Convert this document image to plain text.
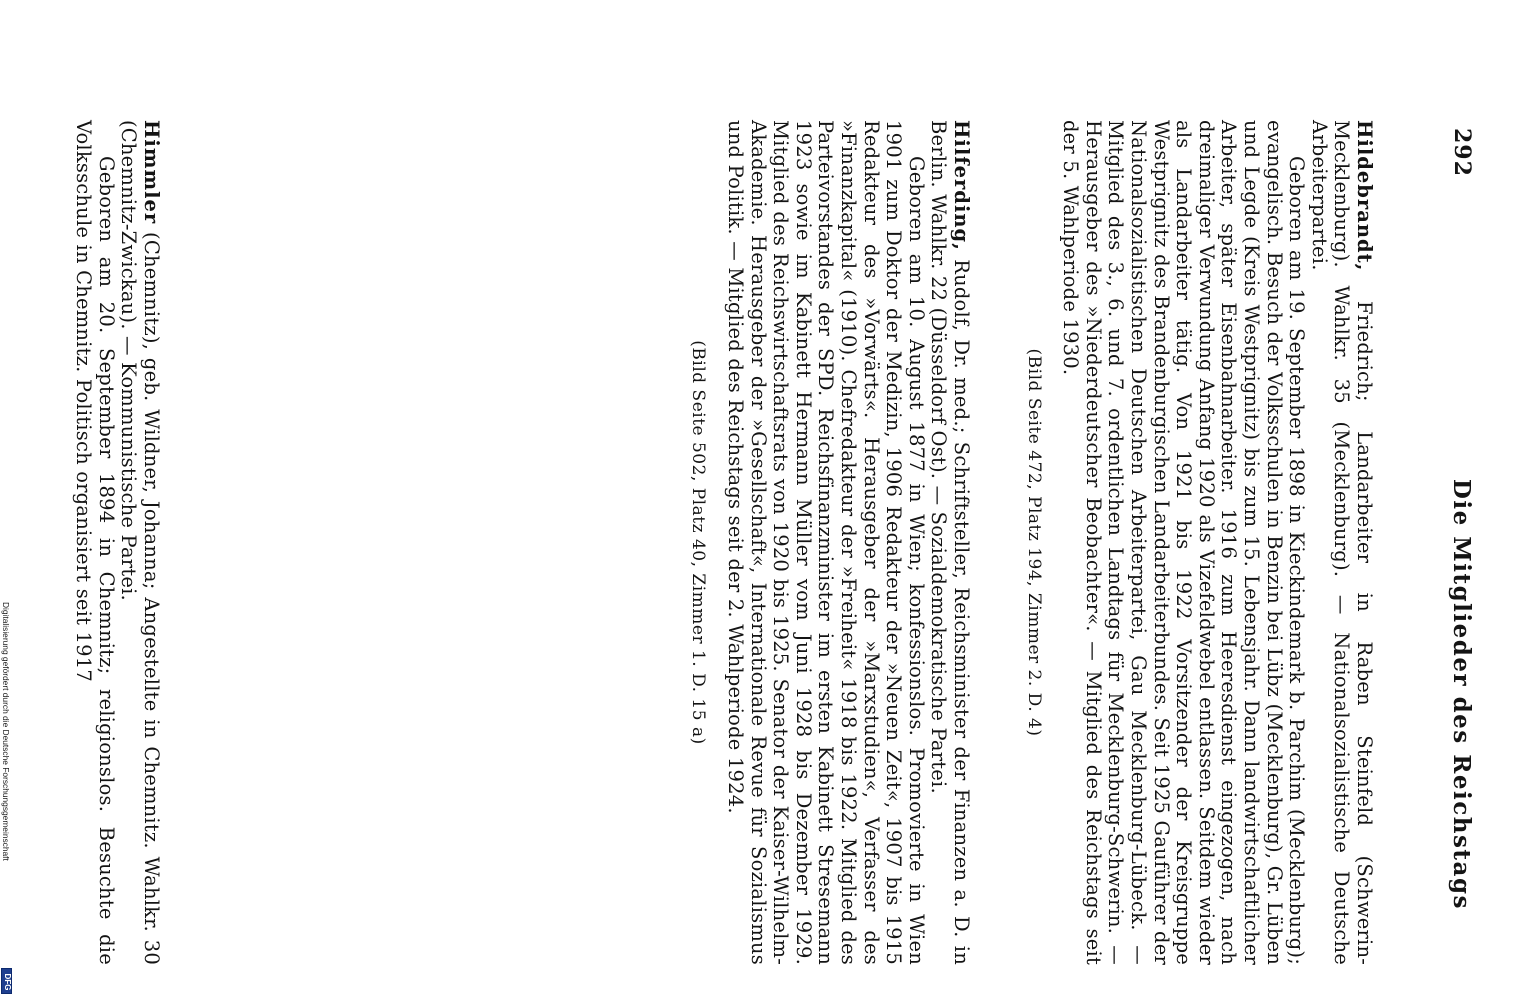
292
Die Mitglieder des Reichstags

Hildebrandt, Friedrich; Landarbeiter in Raben Steinfeld (Schwerin-Mecklenburg). Wahlkr. 35 (Mecklenburg). — Nationalsozialistische Deutsche Arbeiterpartei.

Geboren am 19. September 1898 in Kieckindemark b. Parchim (Mecklenburg); evangelisch. Besuch der Volksschulen in Benzin bei Lübz (Mecklenburg), Gr. Lüben und Legde (Kreis Westprignitz) bis zum 15. Lebensjahr. Dann landwirtschaftlicher Arbeiter, später Eisenbahnarbeiter. 1916 zum Heeresdienst eingezogen, nach dreimaliger Verwundung Anfang 1920 als Vizefeldwebel entlassen. Seitdem wieder als Landarbeiter tätig. Von 1921 bis 1922 Vorsitzender der Kreisgruppe Westprignitz des Brandenburgischen Landarbeiterbundes. Seit 1925 Gauführer der Nationalsozialistischen Deutschen Arbeiterpartei, Gau Mecklenburg-Lübeck. — Mitglied des 3., 6. und 7. ordentlichen Landtags für Mecklenburg-Schwerin. — Herausgeber des »Niederdeutscher Beobachter«. — Mitglied des Reichstags seit der 5. Wahlperiode 1930.

(Bild Seite 472, Platz 194, Zimmer 2. D. 4)

Hilferding, Rudolf, Dr. med.; Schriftsteller, Reichsminister der Finanzen a. D. in Berlin. Wahlkr. 22 (Düsseldorf Ost). — Sozialdemokratische Partei.

Geboren am 10. August 1877 in Wien; konfessionslos. Promovierte in Wien 1901 zum Doktor der Medizin, 1906 Redakteur der »Neuen Zeit«, 1907 bis 1915 Redakteur des »Vorwärts«. Herausgeber der »Marxstudien«, Verfasser des »Finanzkapital« (1910). Chefredakteur der »Freiheit« 1918 bis 1922. Mitglied des Parteivorstandes der SPD. Reichsfinanzminister im ersten Kabinett Stresemann 1923 sowie im Kabinett Hermann Müller vom Juni 1928 bis Dezember 1929. Mitglied des Reichswirtschaftsrats von 1920 bis 1925. Senator der Kaiser-Wilhelm-Akademie. Herausgeber der »Gesellschaft«, Internationale Revue für Sozialismus und Politik. — Mitglied des Reichstags seit der 2. Wahlperiode 1924.

(Bild Seite 502, Platz 40, Zimmer 1. D. 15 a)

Himmler (Chemnitz), geb. Wildner, Johanna; Angestellte in Chemnitz. Wahlkr. 30 (Chemnitz-Zwickau). — Kommunistische Partei.

Geboren am 20. September 1894 in Chemnitz; religionslos. Besuchte die Volksschule in Chemnitz. Politisch organisiert seit 1917

Digitalisierung gefördert durch die Deutsche Forschungsgemeinschaft
DFG
